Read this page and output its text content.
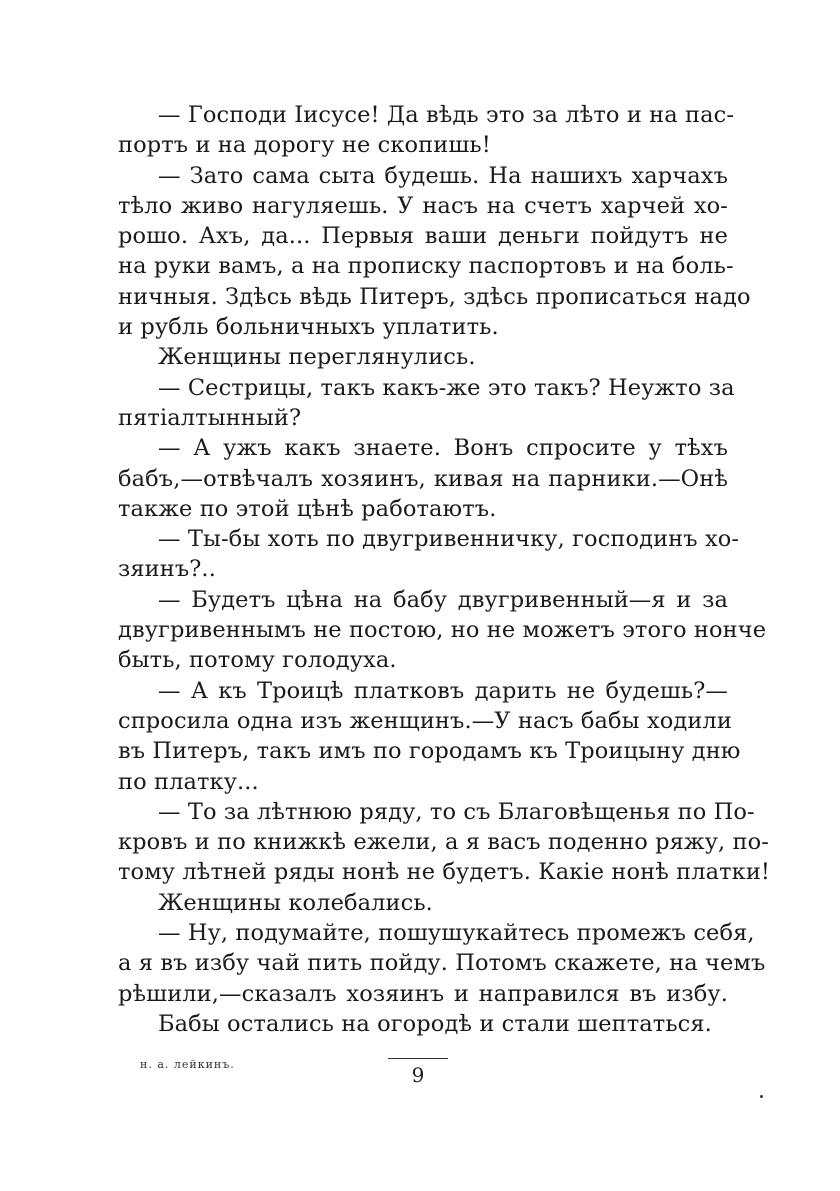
— Господи Іисусе! Да вѣдь это за лѣто и на пас-
портъ и на дорогу не скопишь!
— Зато сама сыта будешь. На нашихъ харчахъ
тѣло живо нагуляешь. У насъ на счетъ харчей хо-
рошо. Ахъ, да... Первыя ваши деньги пойдутъ не
на руки вамъ, а на прописку паспортовъ и на боль-
ничныя. Здѣсь вѣдь Питеръ, здѣсь прописаться надо
и рубль больничныхъ уплатить.
Женщины переглянулись.
— Сестрицы, такъ какъ-же это такъ? Неужто за
пятіалтынный?
— А ужъ какъ знаете. Вонъ спросите у тѣхъ
бабъ,—отвѣчалъ хозяинъ, кивая на парники.—Онѣ
также по этой цѣнѣ работаютъ.
— Ты-бы хоть по двугривенничку, господинъ хо-
зяинъ?..
— Будетъ цѣна на бабу двугривенный—я и за
двугривеннымъ не постою, но не можетъ этого нонче
быть, потому голодуха.
— А къ Троицѣ платковъ дарить не будешь?—
спросила одна изъ женщинъ.—У насъ бабы ходили
въ Питеръ, такъ имъ по городамъ къ Троицыну дню
по платку...
— То за лѣтнюю ряду, то съ Благовѣщенья по По-
кровъ и по книжкѣ ежели, а я васъ поденно ряжу, по-
тому лѣтней ряды нонѣ не будетъ. Какіе нонѣ платки!
Женщины колебались.
— Ну, подумайте, пошушукайтесь промежъ себя,
а я въ избу чай пить пойду. Потомъ скажете, на чемъ
рѣшили,—сказалъ хозяинъ и направился въ избу.
Бабы остались на огородѣ и стали шептаться.
н. а. лейкинъ.	9
